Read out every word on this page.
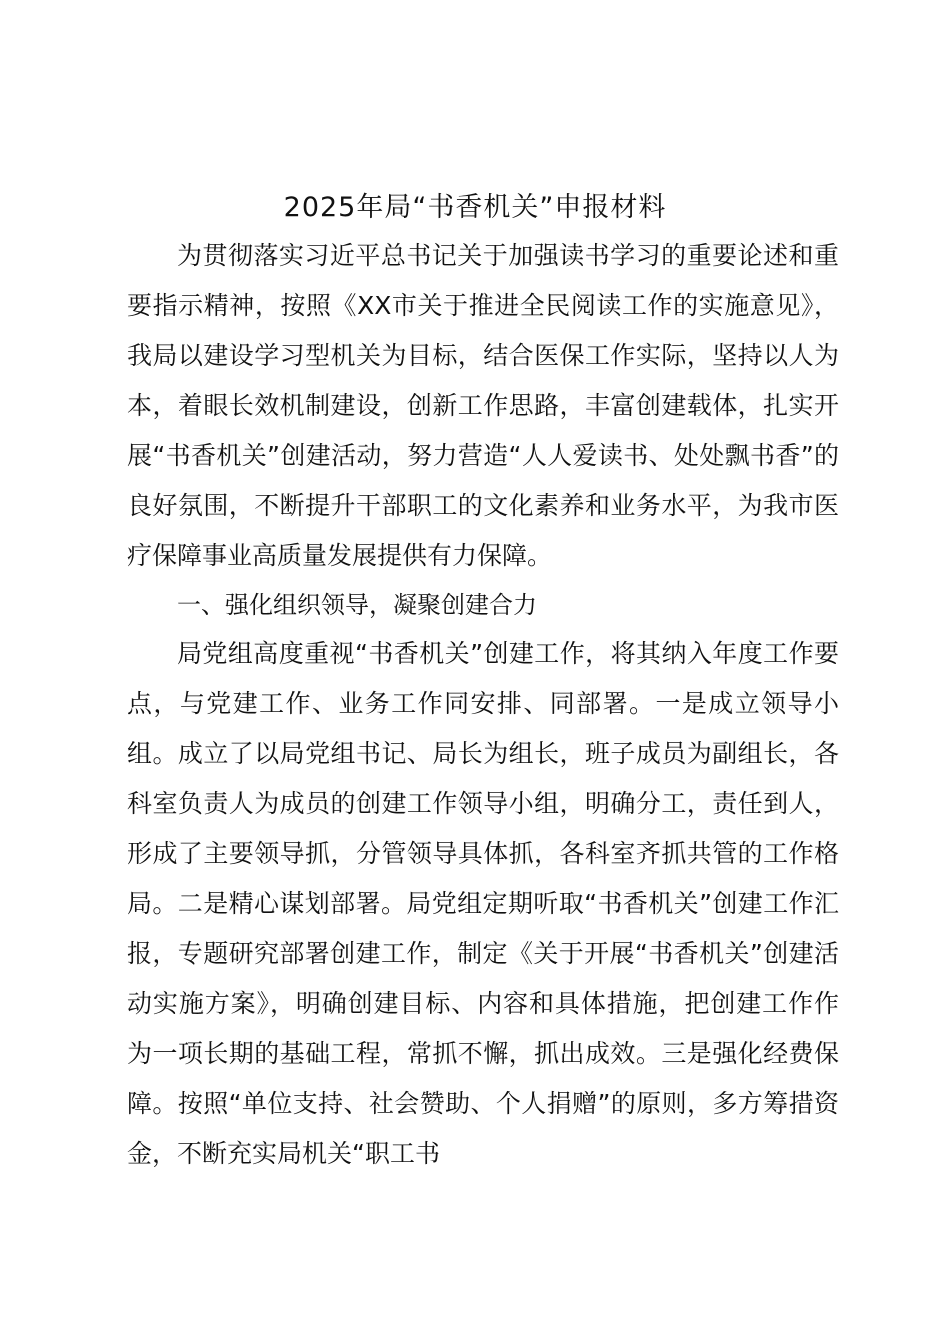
2025年局“书香机关”申报材料

为贯彻落实习近平总书记关于加强读书学习的重要论述和重要指示精神，按照《XX市关于推进全民阅读工作的实施意见》，我局以建设学习型机关为目标，结合医保工作实际，坚持以人为本，着眼长效机制建设，创新工作思路，丰富创建载体，扎实开展“书香机关”创建活动，努力营造“人人爱读书、处处飘书香”的良好氛围，不断提升干部职工的文化素养和业务水平，为我市医疗保障事业高质量发展提供有力保障。

一、强化组织领导，凝聚创建合力

局党组高度重视“书香机关”创建工作，将其纳入年度工作要点，与党建工作、业务工作同安排、同部署。一是成立领导小组。成立了以局党组书记、局长为组长，班子成员为副组长，各科室负责人为成员的创建工作领导小组，明确分工，责任到人，形成了主要领导抓，分管领导具体抓，各科室齐抓共管的工作格局。二是精心谋划部署。局党组定期听取“书香机关”创建工作汇报，专题研究部署创建工作，制定《关于开展“书香机关”创建活动实施方案》，明确创建目标、内容和具体措施，把创建工作作为一项长期的基础工程，常抓不懈，抓出成效。三是强化经费保障。按照“单位支持、社会赞助、个人捐赠”的原则，多方筹措资金，不断充实局机关“职工书
